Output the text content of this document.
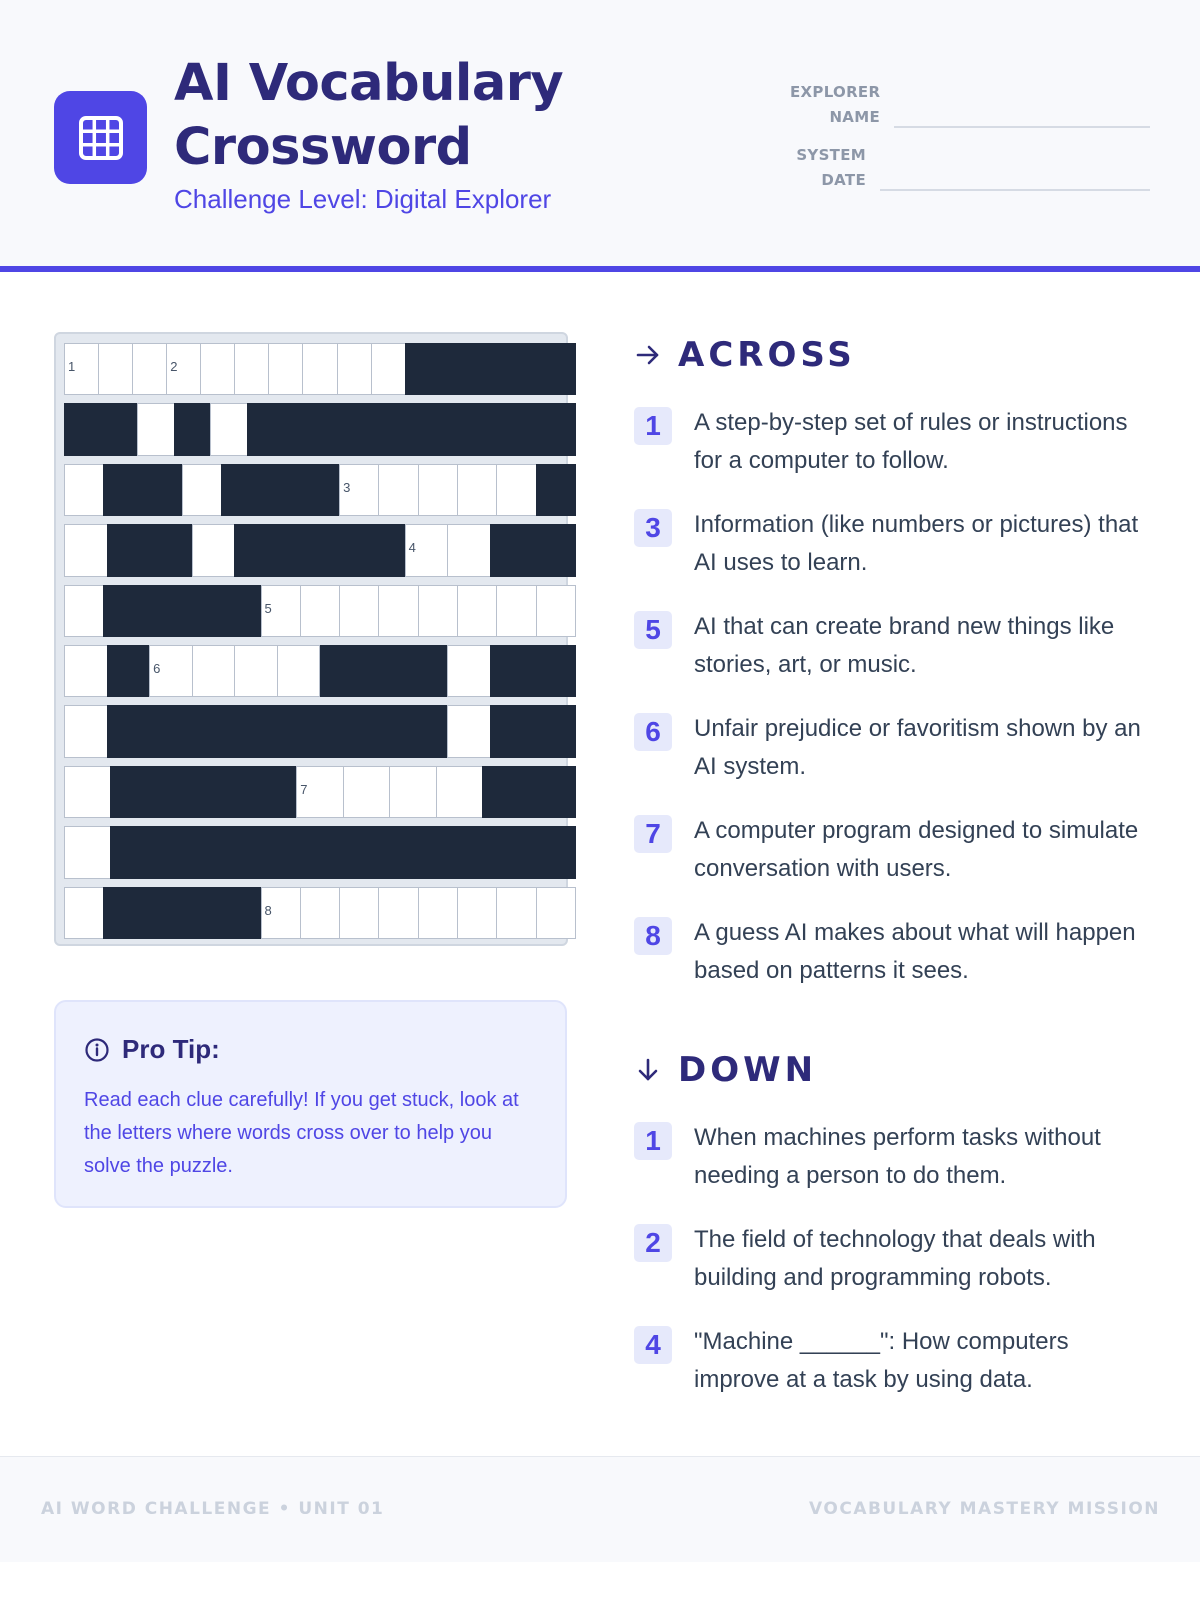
AI Vocabulary Crossword
Challenge Level: Digital Explorer
EXPLORER NAME
SYSTEM DATE
1	2
3
4
5
6
7
8
Pro Tip:
Read each clue carefully! If you get stuck, look at the letters where words cross over to help you solve the puzzle.
ACROSS
1	A step-by-step set of rules or instructions for a computer to follow.
3	Information (like numbers or pictures) that AI uses to learn.
5	AI that can create brand new things like stories, art, or music.
6	Unfair prejudice or favoritism shown by an AI system.
7	A computer program designed to simulate conversation with users.
8	A guess AI makes about what will happen based on patterns it sees.
DOWN
1	When machines perform tasks without needing a person to do them.
2	The field of technology that deals with building and programming robots.
4	"Machine ______": How computers improve at a task by using data.
AI WORD CHALLENGE • UNIT 01	VOCABULARY MASTERY MISSION
